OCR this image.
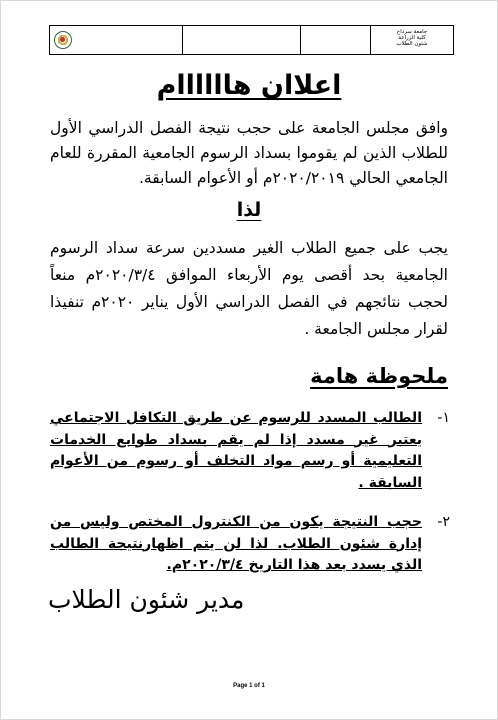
جامعة سرداح
كلية الزراعة
شئون الطلاب
اعلاان هاااااام
وافق مجلس الجامعة على حجب نتيجة الفصل الدراسي الأول للطلاب الذين لم يقوموا بسداد الرسوم الجامعية المقررة للعام الجامعي الحالي ٢٠٢٠/٢٠١٩م أو الأعوام السابقة.
لذا
يجب على جميع الطلاب الغير مسددين سرعة سداد الرسوم الجامعية بحد أقصى يوم الأربعاء الموافق ٢٠٢٠/٣/٤م منعاً لحجب نتائجهم في الفصل الدراسي الأول يناير ٢٠٢٠م تنفيذا لقرار مجلس الجامعة .
ملحوظة هامة
١-
الطالب المسدد للرسوم عن طريق التكافل الاجتماعي يعتبر غير مسدد إذا لم يقم بسداد طوابع الخدمات التعليمية أو رسم مواد التخلف أو رسوم من الأعوام السابقة .
٢-
حجب النتيجة يكون من الكنترول المختص وليس من إدارة شئون الطلاب. لذا لن يتم اظهارنتيجة الطالب الذي يسدد بعد هذا التاريخ ٢٠٢٠/٣/٤م.
مدير شئون الطلاب
Page 1 of 1
